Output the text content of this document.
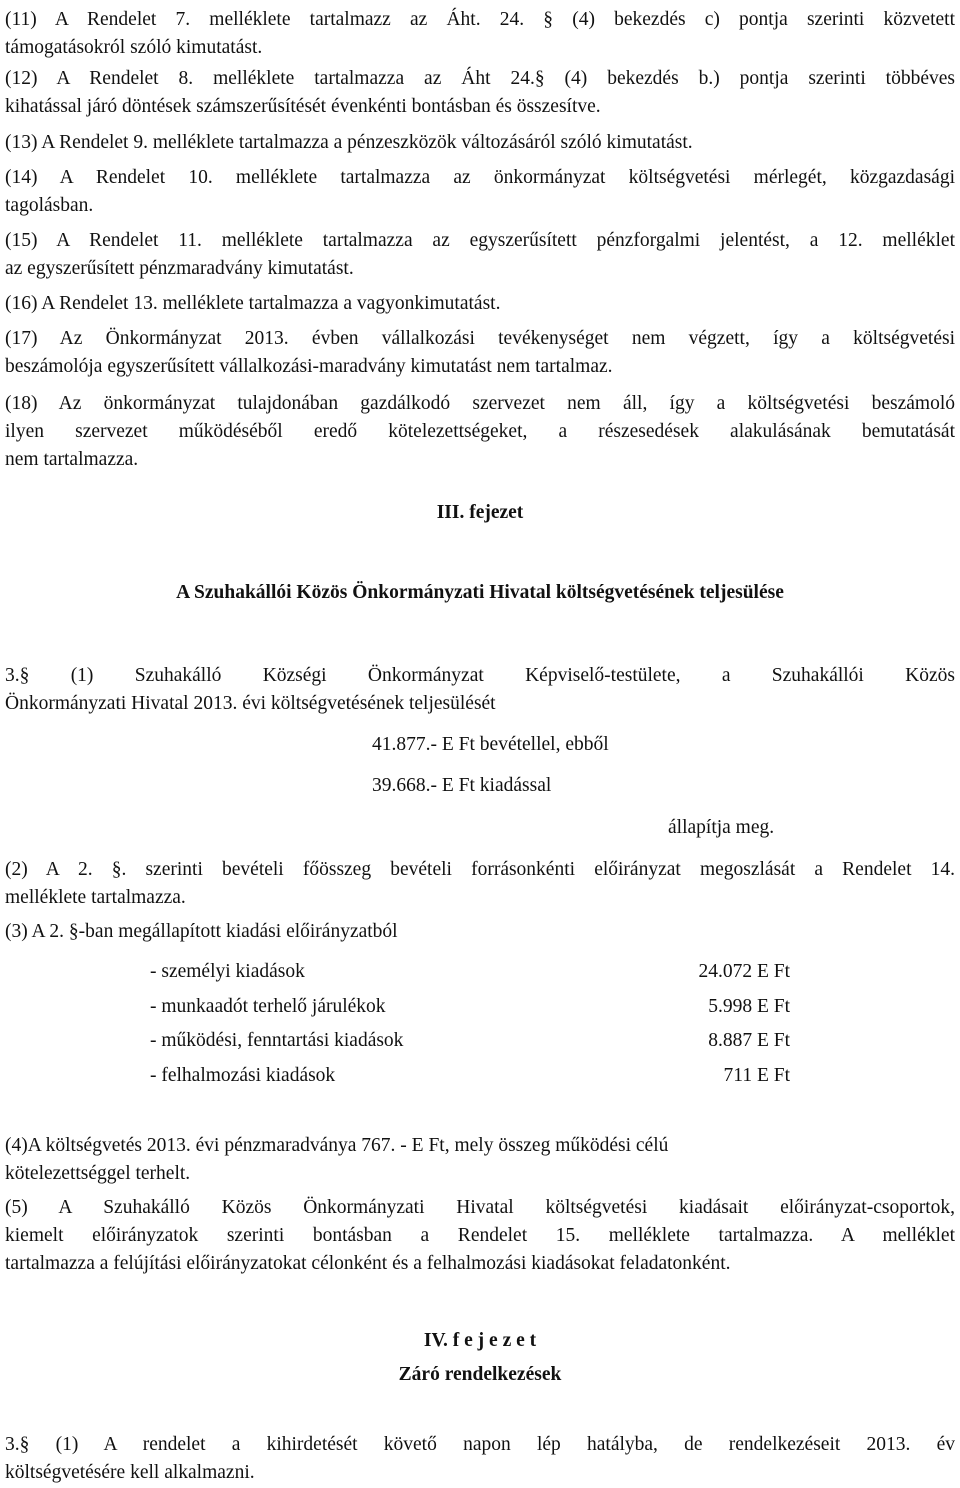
(11) A Rendelet 7. melléklete tartalmazz az Áht. 24. § (4) bekezdés c) pontja szerinti közvetett
támogatásokról szóló kimutatást.
(12) A Rendelet 8. melléklete tartalmazza az Áht 24.§ (4) bekezdés b.) pontja szerinti többéves
kihatással járó döntések számszerűsítését évenkénti bontásban és összesítve.
(13) A Rendelet 9. melléklete tartalmazza a pénzeszközök változásáról szóló kimutatást.
(14) A Rendelet 10. melléklete tartalmazza az önkormányzat költségvetési mérlegét, közgazdasági
tagolásban.
(15) A Rendelet 11. melléklete tartalmazza az egyszerűsített pénzforgalmi jelentést, a 12. melléklet
az egyszerűsített pénzmaradvány kimutatást.
(16) A Rendelet 13. melléklete tartalmazza a vagyonkimutatást.
(17) Az Önkormányzat 2013. évben vállalkozási tevékenységet nem végzett, így a költségvetési
beszámolója egyszerűsített vállalkozási-maradvány kimutatást nem tartalmaz.
(18) Az önkormányzat tulajdonában gazdálkodó szervezet nem áll, így a költségvetési beszámoló
ilyen szervezet működéséből eredő kötelezettségeket, a részesedések alakulásának bemutatását
nem tartalmazza.
III. fejezet
A Szuhakállói Közös Önkormányzati Hivatal költségvetésének teljesülése
3.§ (1) Szuhakálló Községi Önkormányzat Képviselő-testülete, a Szuhakállói Közös
Önkormányzati Hivatal 2013. évi költségvetésének teljesülését
41.877.- E Ft bevétellel, ebből
39.668.- E Ft kiadással
állapítja meg.
(2) A 2. §. szerinti bevételi főösszeg bevételi forrásonkénti előirányzat megoszlását a Rendelet 14.
melléklete tartalmazza.
(3) A 2. §-ban megállapított kiadási előirányzatból
- személyi kiadások	24.072 E Ft
- munkaadót terhelő járulékok	5.998 E Ft
- működési, fenntartási kiadások	8.887 E Ft
- felhalmozási kiadások	711 E Ft
(4)A költségvetés 2013. évi pénzmaradványa 767. - E Ft, mely összeg működési célú
kötelezettséggel terhelt.
(5) A Szuhakálló Közös Önkormányzati Hivatal költségvetési kiadásait előirányzat-csoportok,
kiemelt előirányzatok szerinti bontásban a Rendelet 15. melléklete tartalmazza. A melléklet
tartalmazza a felújítási előirányzatokat célonként és a felhalmozási kiadásokat feladatonként.
IV. f e j e z e t
Záró rendelkezések
3.§ (1) A rendelet a kihirdetését követő napon lép hatályba, de rendelkezéseit 2013. év
költségvetésére kell alkalmazni.
